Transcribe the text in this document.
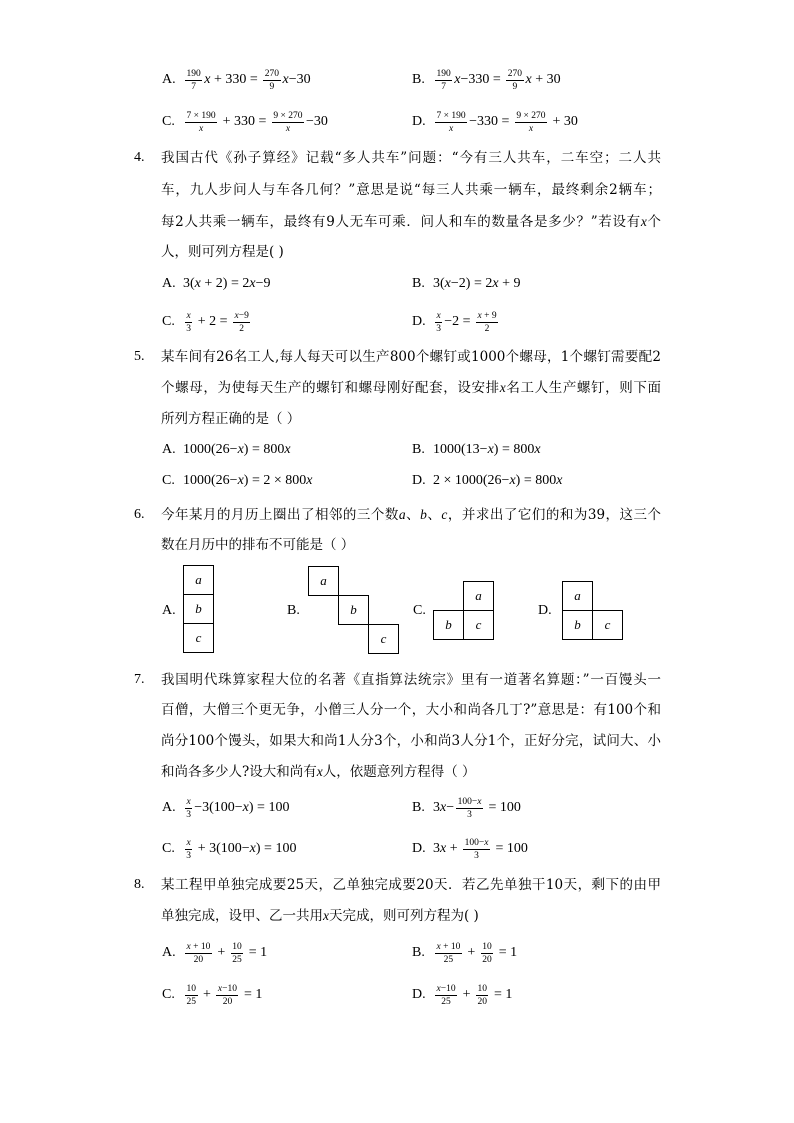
A. $\frac{190}{7}$ $x + 330 = \frac{270}{9} x-30$	B.	$\frac{190}{7} x-330 = \frac{270}{9}$ x + 30
C.	$\frac{7 \times 190}{x} + 330 = \frac{9 \times 270}{x} -30$	D. $\frac{7 \times 190}{x} -330 = \frac{9 \times 270}{x} + 30$
4. 我国古代《孙子算经》记载“多人共车”问题：“今有三人共车，二车空；二人共
车，九人步问人与车各几何？”意思是说“每三人共乘一辆车，最终剩余2辆车；
每2人共乘一辆车，最终有9人无车可乘．问人和车的数量各是多少？”若设有x个
人，则可列方程是( )
A. 3(x + 2) = 2x−9	B. 3(x−2) = 2x + 9
C.	$\frac{x}{3} + 2 = \frac{x-9}{2}$	D. $\frac{x}{3} -2 = \frac{x + 9}{2}$
5. 某车间有26名工人,每人每天可以生产800个螺钉或1000个螺母，1个螺钉需要配2
个螺母，为使每天生产的螺钉和螺母刚好配套，设安排x名工人生产螺钉，则下面
所列方程正确的是（ ）
A. 1000(26−x) = 800x	B. 1000(13−x) = 800x
C. 1000(26−x) = 2 × 800x	D. 2 × 1000(26−x) = 800x
6. 今年某月的月历上圈出了相邻的三个数a、b、c，并求出了它们的和为39，这三个
数在月历中的排布不可能是（ ）
A.
a
b
c
B.
a
b
c
C.
a
b	c
D.
a
b	c
7. 我国明代珠算家程大位的名著《直指算法统宗》里有一道著名算题：”一百馒头一
百僧，大僧三个更无争，小僧三人分一个，大小和尚各几丁?”意思是：有100个和
尚分100个馒头，如果大和尚1人分3个，小和尚3人分1个，正好分完，试问大、小
和尚各多少人?设大和尚有x人，依题意列方程得（ ）
A. $\frac{x}{3} -3(100-x) = 100$	B. $3x- \frac{100-x}{3} = 100$
C.	$\frac{x}{3} + 3(100-x) = 100$	D. $3x + \frac{100-x}{3} = 100$
8. 某工程甲单独完成要25天，乙单独完成要20天．若乙先单独干10天，剩下的由甲
单独完成，设甲、乙一共用x天完成，则可列方程为( )
A. $\frac{x + 10}{20} + \frac{10}{25} = 1$	B.	$\frac{x + 10}{25} + \frac{10}{20} = 1$
C.	$\frac{10}{25} + \frac{x-10}{20} = 1$	D. $\frac{x-10}{25} + \frac{10}{20} = 1$
